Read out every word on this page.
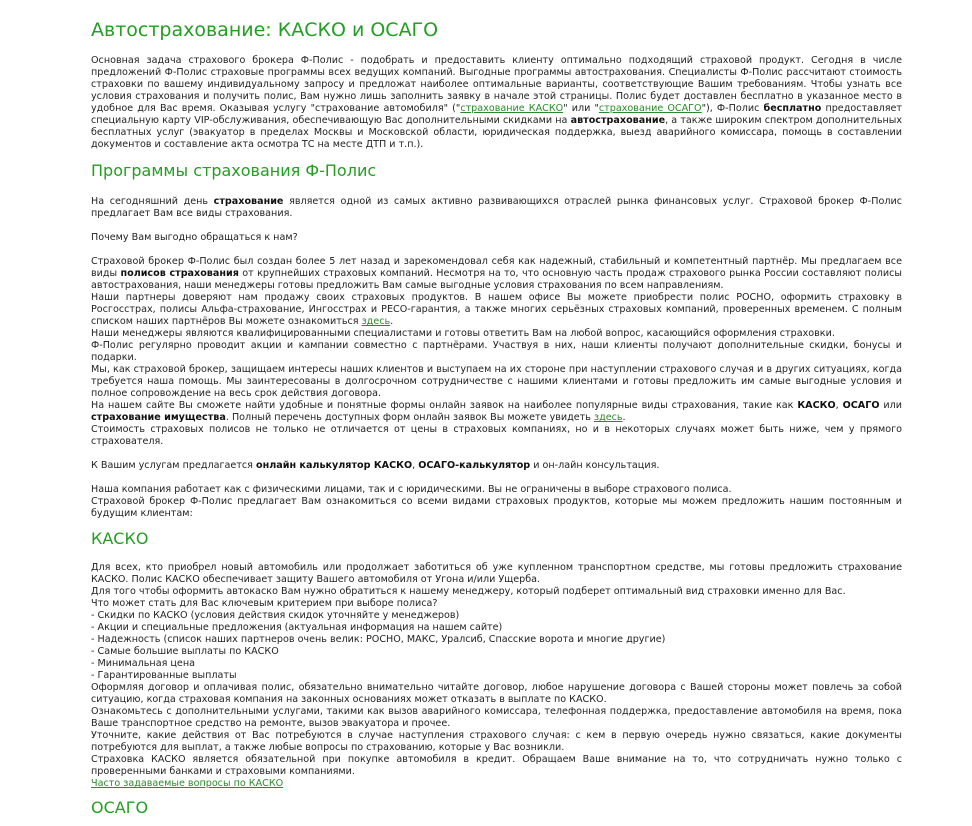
Автострахование: КАСКО и ОСАГО

Основная задача страхового брокера Ф-Полис - подобрать и предоставить клиенту оптимально подходящий страховой продукт. Сегодня в числе предложений Ф-Полис страховые программы всех ведущих компаний. Выгодные программы автострахования. Специалисты Ф-Полис рассчитают стоимость страховки по вашему индивидуальному запросу и предложат наиболее оптимальные варианты, соответствующие Вашим требованиям. Чтобы узнать все условия страхования и получить полис, Вам нужно лишь заполнить заявку в начале этой страницы. Полис будет доставлен бесплатно в указанное место в удобное для Вас время. Оказывая услугу "страхование автомобиля" ("страхование КАСКО" или "страхование ОСАГО"), Ф-Полис бесплатно предоставляет специальную карту VIP-обслуживания, обеспечивающую Вас дополнительными скидками на автострахование, а также широким спектром дополнительных бесплатных услуг (эвакуатор в пределах Москвы и Московской области, юридическая поддержка, выезд аварийного комиссара, помощь в составлении документов и составление акта осмотра ТС на месте ДТП и т.п.).

Программы страхования Ф-Полис

На сегодняшний день страхование является одной из самых активно развивающихся отраслей рынка финансовых услуг. Страховой брокер Ф-Полис предлагает Вам все виды страхования.

Почему Вам выгодно обращаться к нам?

Страховой брокер Ф-Полис был создан более 5 лет назад и зарекомендовал себя как надежный, стабильный и компетентный партнёр. Мы предлагаем все виды полисов страхования от крупнейших страховых компаний. Несмотря на то, что основную часть продаж страхового рынка России составляют полисы автострахования, наши менеджеры готовы предложить Вам самые выгодные условия страхования по всем направлениям.

Наши партнеры доверяют нам продажу своих страховых продуктов. В нашем офисе Вы можете приобрести полис РОСНО, оформить страховку в Росгосстрах, полисы Альфа-страхование, Ингосстрах и РЕСО-гарантия, а также многих серьёзных страховых компаний, проверенных временем. С полным списком наших партнёров Вы можете ознакомиться здесь.

Наши менеджеры являются квалифицированными специалистами и готовы ответить Вам на любой вопрос, касающийся оформления страховки.

Ф-Полис регулярно проводит акции и кампании совместно с партнёрами. Участвуя в них, наши клиенты получают дополнительные скидки, бонусы и подарки.

Мы, как страховой брокер, защищаем интересы наших клиентов и выступаем на их стороне при наступлении страхового случая и в других ситуациях, когда требуется наша помощь. Мы заинтересованы в долгосрочном сотрудничестве с нашими клиентами и готовы предложить им самые выгодные условия и полное сопровождение на весь срок действия договора.

На нашем сайте Вы сможете найти удобные и понятные формы онлайн заявок на наиболее популярные виды страхования, такие как КАСКО, ОСАГО или страхование имущества. Полный перечень доступных форм онлайн заявок Вы можете увидеть здесь.

Стоимость страховых полисов не только не отличается от цены в страховых компаниях, но и в некоторых случаях может быть ниже, чем у прямого страхователя.

К Вашим услугам предлагается онлайн калькулятор КАСКО, ОСАГО-калькулятор и он-лайн консультация.

Наша компания работает как с физическими лицами, так и с юридическими. Вы не ограничены в выборе страхового полиса.

Страховой брокер Ф-Полис предлагает Вам ознакомиться со всеми видами страховых продуктов, которые мы можем предложить нашим постоянным и будущим клиентам:

КАСКО

Для всех, кто приобрел новый автомобиль или продолжает заботиться об уже купленном транспортном средстве, мы готовы предложить страхование КАСКО. Полис КАСКО обеспечивает защиту Вашего автомобиля от Угона и/или Ущерба.

Для того чтобы оформить автокаско Вам нужно обратиться к нашему менеджеру, который подберет оптимальный вид страховки именно для Вас.

Что может стать для Вас ключевым критерием при выборе полиса?

- Скидки по КАСКО (условия действия скидок уточняйте у менеджеров)

- Акции и специальные предложения (актуальная информация на нашем сайте)

- Надежность (список наших партнеров очень велик: РОСНО, МАКС, Уралсиб, Спасские ворота и многие другие)

- Самые большие выплаты по КАСКО

- Минимальная цена

- Гарантированные выплаты

Оформляя договор и оплачивая полис, обязательно внимательно читайте договор, любое нарушение договора с Вашей стороны может повлечь за собой ситуацию, когда страховая компания на законных основаниях может отказать в выплате по КАСКО.

Ознакомьтесь с дополнительными услугами, такими как вызов аварийного комиссара, телефонная поддержка, предоставление автомобиля на время, пока Ваше транспортное средство на ремонте, вызов эвакуатора и прочее.

Уточните, какие действия от Вас потребуются в случае наступления страхового случая: с кем в первую очередь нужно связаться, какие документы потребуются для выплат, а также любые вопросы по страхованию, которые у Вас возникли.

Страховка КАСКО является обязательной при покупке автомобиля в кредит. Обращаем Ваше внимание на то, что сотрудничать нужно только с проверенными банками и страховыми компаниями.

Часто задаваемые вопросы по КАСКО

ОСАГО
